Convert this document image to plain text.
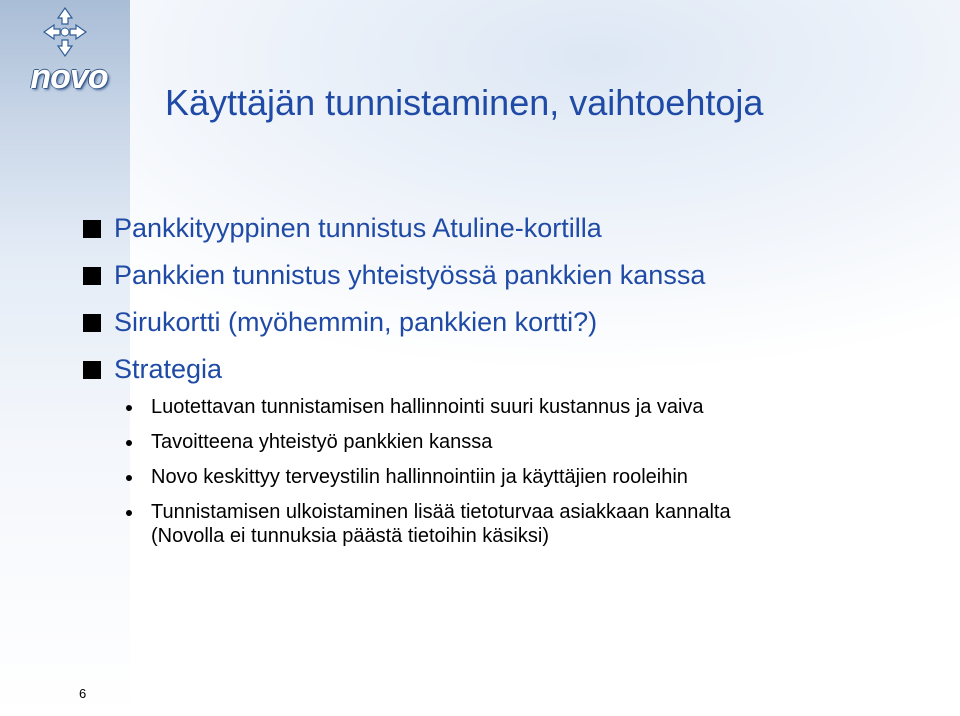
novo
Käyttäjän tunnistaminen, vaihtoehtoja
Pankkityyppinen tunnistus Atuline-kortilla
Pankkien tunnistus yhteistyössä pankkien kanssa
Sirukortti (myöhemmin, pankkien kortti?)
Strategia
Luotettavan tunnistamisen hallinnointi suuri kustannus ja vaiva
Tavoitteena yhteistyö pankkien kanssa
Novo keskittyy terveystilin hallinnointiin ja käyttäjien rooleihin
Tunnistamisen ulkoistaminen lisää tietoturvaa asiakkaan kannalta
(Novolla ei tunnuksia päästä tietoihin käsiksi)
6
